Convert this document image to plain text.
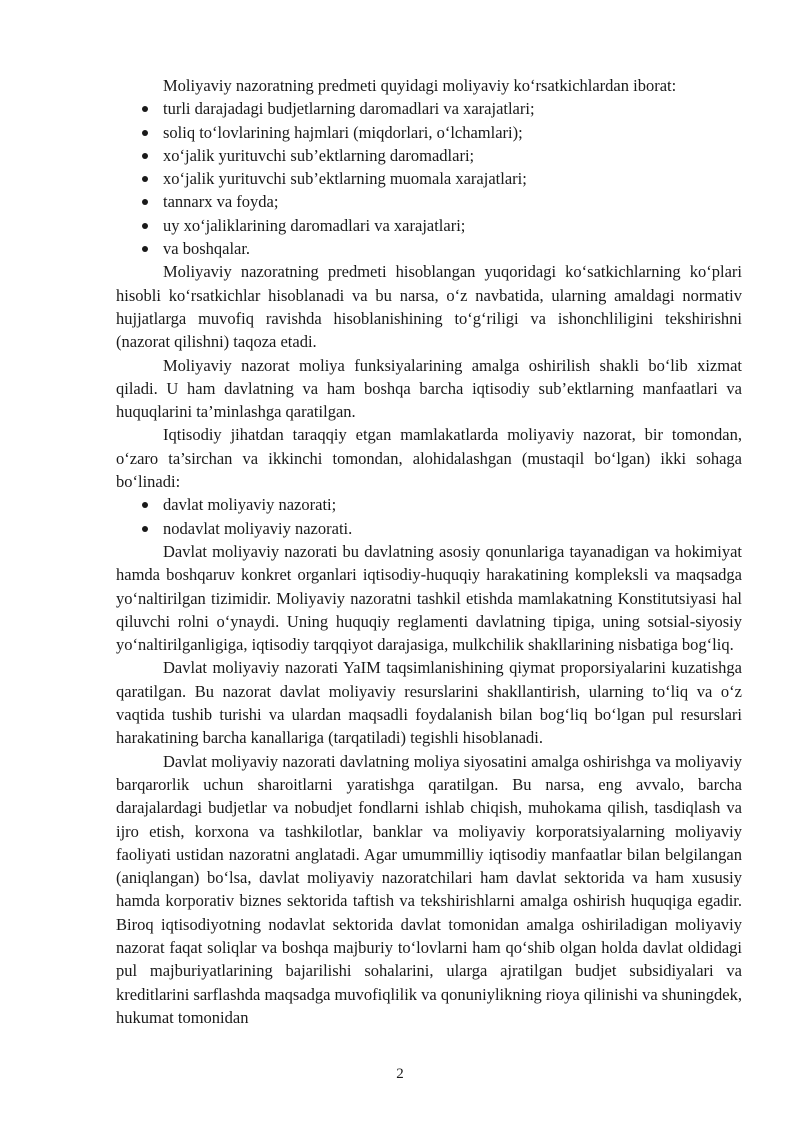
Moliyaviy nazoratning predmeti quyidagi moliyaviy ko‘rsatkichlardan iborat:

turli darajadagi budjetlarning daromadlari va xarajatlari;
soliq to‘lovlarining hajmlari (miqdorlari, o‘lchamlari);
xo‘jalik yurituvchi sub’ektlarning daromadlari;
xo‘jalik yurituvchi sub’ektlarning muomala xarajatlari;
tannarx va foyda;
uy xo‘jaliklarining daromadlari va xarajatlari;
va boshqalar.

Moliyaviy nazoratning predmeti hisoblangan yuqoridagi ko‘satkichlarning ko‘plari hisobli ko‘rsatkichlar hisoblanadi va bu narsa, o‘z navbatida, ularning amaldagi normativ hujjatlarga muvofiq ravishda hisoblanishining to‘g‘riligi va ishonchliligini tekshirishni (nazorat qilishni) taqoza etadi.

Moliyaviy nazorat moliya funksiyalarining amalga oshirilish shakli bo‘lib xizmat qiladi. U ham davlatning va ham boshqa barcha iqtisodiy sub’ektlarning manfaatlari va huquqlarini ta’minlashga qaratilgan.

Iqtisodiy jihatdan taraqqiy etgan mamlakatlarda moliyaviy nazorat, bir tomondan, o‘zaro ta’sirchan va ikkinchi tomondan, alohidalashgan (mustaqil bo‘lgan) ikki sohaga bo‘linadi:

davlat moliyaviy nazorati;
nodavlat moliyaviy nazorati.

Davlat moliyaviy nazorati bu davlatning asosiy qonunlariga tayanadigan va hokimiyat hamda boshqaruv konkret organlari iqtisodiy-huquqiy harakatining kompleksli va maqsadga yo‘naltirilgan tizimidir. Moliyaviy nazoratni tashkil etishda mamlakatning Konstitutsiyasi hal qiluvchi rolni o‘ynaydi. Uning huquqiy reglamenti davlatning tipiga, uning sotsial-siyosiy yo‘naltirilganligiga, iqtisodiy tarqqiyot darajasiga, mulkchilik shakllarining nisbatiga bog‘liq.

Davlat moliyaviy nazorati YaIM taqsimlanishining qiymat proporsiyalarini kuzatishga qaratilgan. Bu nazorat davlat moliyaviy resurslarini shakllantirish, ularning to‘liq va o‘z vaqtida tushib turishi va ulardan maqsadli foydalanish bilan bog‘liq bo‘lgan pul resurslari harakatining barcha kanallariga (tarqatiladi) tegishli hisoblanadi.

Davlat moliyaviy nazorati davlatning moliya siyosatini amalga oshirishga va moliyaviy barqarorlik uchun sharoitlarni yaratishga qaratilgan. Bu narsa, eng avvalo, barcha darajalardagi budjetlar va nobudjet fondlarni ishlab chiqish, muhokama qilish, tasdiqlash va ijro etish, korxona va tashkilotlar, banklar va moliyaviy korporatsiyalarning moliyaviy faoliyati ustidan nazoratni anglatadi. Agar umummilliy iqtisodiy manfaatlar bilan belgilangan (aniqlangan) bo‘lsa, davlat moliyaviy nazoratchilari ham davlat sektorida va ham xususiy hamda korporativ biznes sektorida taftish va tekshirishlarni amalga oshirish huquqiga egadir. Biroq iqtisodiyotning nodavlat sektorida davlat tomonidan amalga oshiriladigan moliyaviy nazorat faqat soliqlar va boshqa majburiy to‘lovlarni ham qo‘shib olgan holda davlat oldidagi pul majburiyatlarining bajarilishi sohalarini, ularga ajratilgan budjet subsidiyalari va kreditlarini sarflashda maqsadga muvofiqlilik va qonuniylikning rioya qilinishi va shuningdek, hukumat tomonidan

2
